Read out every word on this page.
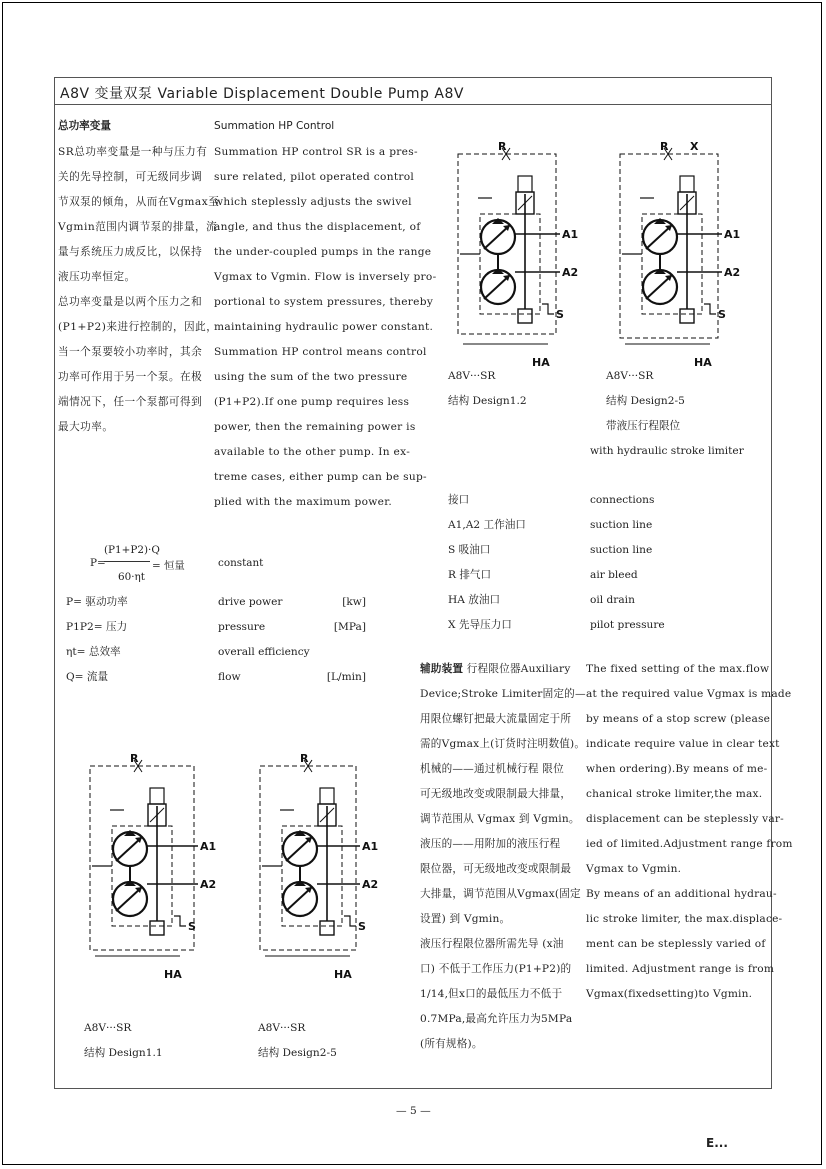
A8V 变量双泵 Variable Displacement Double Pump A8V
总功率变量	Summation HP Control
SR总功率变量是一种与压力有
关的先导控制，可无级同步调
节双泵的倾角，从而在Vgmax至
Vgmin范围内调节泵的排量，流
量与系统压力成反比，以保持
液压功率恒定。
总功率变量是以两个压力之和
(P1+P2)来进行控制的，因此，
当一个泵要较小功率时，其余
功率可作用于另一个泵。在极
端情况下，任一个泵都可得到
最大功率。
Summation HP control SR is a pres-
sure related, pilot operated control
which steplessly adjusts the swivel
angle, and thus the displacement, of
the under-coupled pumps in the range
Vgmax to Vgmin. Flow is inversely pro-
portional to system pressures, thereby
maintaining hydraulic power constant.
Summation HP control means control
using the sum of the two pressure
(P1+P2).If one pump requires less
power, then the remaining power is
available to the other pump. In ex-
treme cases, either pump can be sup-
plied with the maximum power.
P=
(P1+P2)·Q
60·ηt
= 恒量	constant
P= 驱动功率	drive power	[kw]
P1P2= 压力	pressure	[MPa]
ηt= 总效率	overall efficiency
Q= 流量	flow	[L/min]
接口	connections
A1,A2 工作油口	suction line
S 吸油口	suction line
R 排气口	air bleed
HA 放油口	oil drain
X 先导压力口	pilot pressure
辅助装置 行程限位器Auxiliary
Device;Stroke Limiter固定的—
用限位螺钉把最大流量固定于所
需的Vgmax上(订货时注明数值)。
机械的——通过机械行程 限位
可无级地改变或限制最大排量，
调节范围从 Vgmax 到 Vgmin。
液压的——用附加的液压行程
限位器，可无级地改变或限制最
大排量，调节范围从Vgmax(固定
设置) 到 Vgmin。
液压行程限位器所需先导 (x油
口) 不低于工作压力(P1+P2)的
1/14,但x口的最低压力不低于
0.7MPa,最高允许压力为5MPa
(所有规格)。
The fixed setting of the max.flow
at the required value Vgmax is made
by means of a stop screw (please
indicate require value in clear text
when ordering).By means of me-
chanical stroke limiter,the max.
displacement can be steplessly var-
ied of limited.Adjustment range from
Vgmax to Vgmin.
By means of an additional hydrau-
lic stroke limiter, the max.displace-
ment can be steplessly varied of
limited. Adjustment range is from
Vgmax(fixedsetting)to Vgmin.
A8V···SR
结构 Design1.2
A8V···SR
结构 Design2-5
带液压行程限位
with hydraulic stroke limiter
A8V···SR
结构 Design1.1
A8V···SR
结构 Design2-5
R
A1
A2
S
HA
R X
A1
A2
S
HA
R
A1
A2
S
HA
R
A1
A2
S
HA
— 5 —
E...
